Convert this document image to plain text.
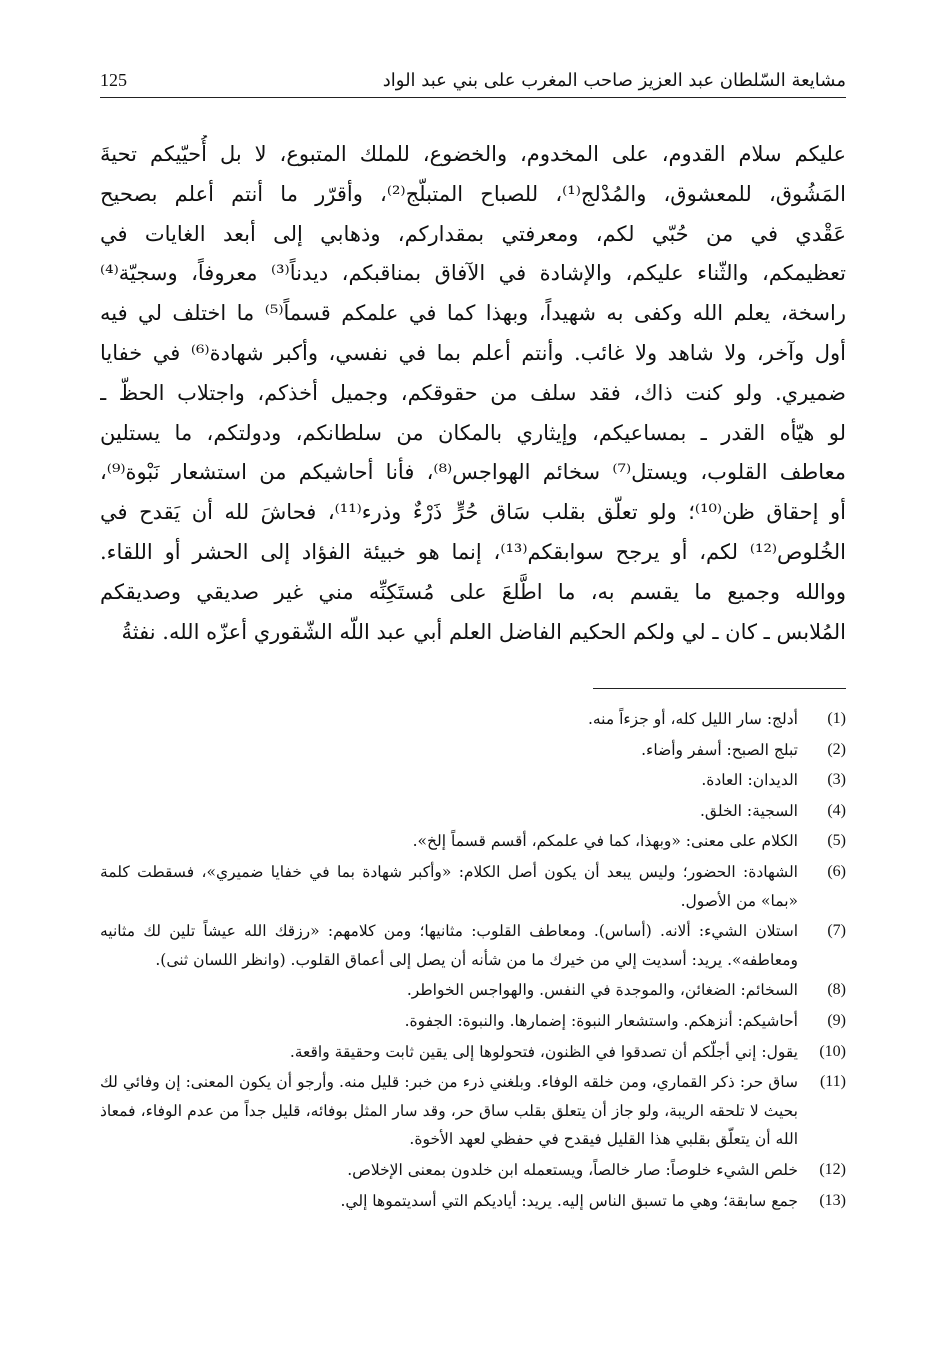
مشايعة السّلطان عبد العزيز صاحب المغرب على بني عبد الواد
125
عليكم سلام القدوم، على المخدوم، والخضوع، للملك المتبوع، لا بل أُحيّيكم تحيةَ
المَشُوق، للمعشوق، والمُدْلج⁽¹⁾، للصباح المتبلّج⁽²⁾، وأقرّر ما أنتم أعلم بصحيح
عَقْدي في من حُبّي لكم، ومعرفتي بمقداركم، وذهابي إلى أبعد الغايات في
تعظيمكم، والثّناء عليكم، والإشادة في الآفاق بمناقبكم، ديدناً⁽³⁾ معروفاً، وسجيّة⁽⁴⁾
راسخة، يعلم الله وكفى به شهيداً، وبهذا كما في علمكم قسماً⁽⁵⁾ ما اختلف لي فيه
أول وآخر، ولا شاهد ولا غائب. وأنتم أعلم بما في نفسي، وأكبر شهادة⁽⁶⁾ في خفايا
ضميري. ولو كنت ذاك، فقد سلف من حقوقكم، وجميل أخذكم، واجتلاب الحظّ ـ
لو هيّأه القدر ـ بمساعيكم، وإيثاري بالمكان من سلطانكم، ودولتكم، ما يستلين
معاطف القلوب، ويستل⁽⁷⁾ سخائم الهواجس⁽⁸⁾، فأنا أحاشيكم من استشعار نَبْوة⁽⁹⁾،
أو إحقاق ظن⁽¹⁰⁾؛ ولو تعلّق بقلب سَاق حُرٍّ ذَرْءٌ وذرء⁽¹¹⁾، فحاشَ لله أن يَقدح في
الخُلوص⁽¹²⁾ لكم، أو يرجح سوابقكم⁽¹³⁾، إنما هو خبيئة الفؤاد إلى الحشر أو اللقاء.
ووالله وجميع ما يقسم به، ما اطَّلعَ على مُستَكِنِّه مني غير صديقي وصديقكم
المُلابس ـ كان ـ لي ولكم الحكيم الفاضل العلم أبي عبد اللّه الشّقوري أعزّه الله. نفثةُ
(1)
أدلج: سار الليل كله، أو جزءاً منه.
(2)
تبلج الصبح: أسفر وأضاء.
(3)
الديدان: العادة.
(4)
السجية: الخلق.
(5)
الكلام على معنى: «وبهذا، كما في علمكم، أقسم قسماً إلخ».
(6)
الشهادة: الحضور؛ وليس يبعد أن يكون أصل الكلام: «وأكبر شهادة بما في خفايا ضميري»، فسقطت كلمة «بما» من الأصول.
(7)
استلان الشيء: ألانه. (أساس). ومعاطف القلوب: مثانيها؛ ومن كلامهم: «رزقك الله عيشاً تلين لك مثانيه ومعاطفه». يريد: أسديت إلي من خيرك ما من شأنه أن يصل إلى أعماق القلوب. (وانظر اللسان ثنى).
(8)
السخائم: الضغائن، والموجدة في النفس. والهواجس الخواطر.
(9)
أحاشيكم: أنزهكم. واستشعار النبوة: إضمارها. والنبوة: الجفوة.
(10)
يقول: إني أجلّكم أن تصدقوا في الظنون، فتحولوها إلى يقين ثابت وحقيقة واقعة.
(11)
ساق حر: ذكر القماري، ومن خلقه الوفاء. وبلغني ذرء من خبر: قليل منه. وأرجو أن يكون المعنى: إن وفائي لك بحيث لا تلحقه الريبة، ولو جاز أن يتعلق بقلب ساق حر، وقد سار المثل بوفائه، قليل جداً من عدم الوفاء، فمعاذ الله أن يتعلّق بقلبي هذا القليل فيقدح في حفظي لعهد الأخوة.
(12)
خلص الشيء خلوصاً: صار خالصاً، ويستعمله ابن خلدون بمعنى الإخلاص.
(13)
جمع سابقة؛ وهي ما تسبق الناس إليه. يريد: أياديكم التي أسديتموها إلي.
